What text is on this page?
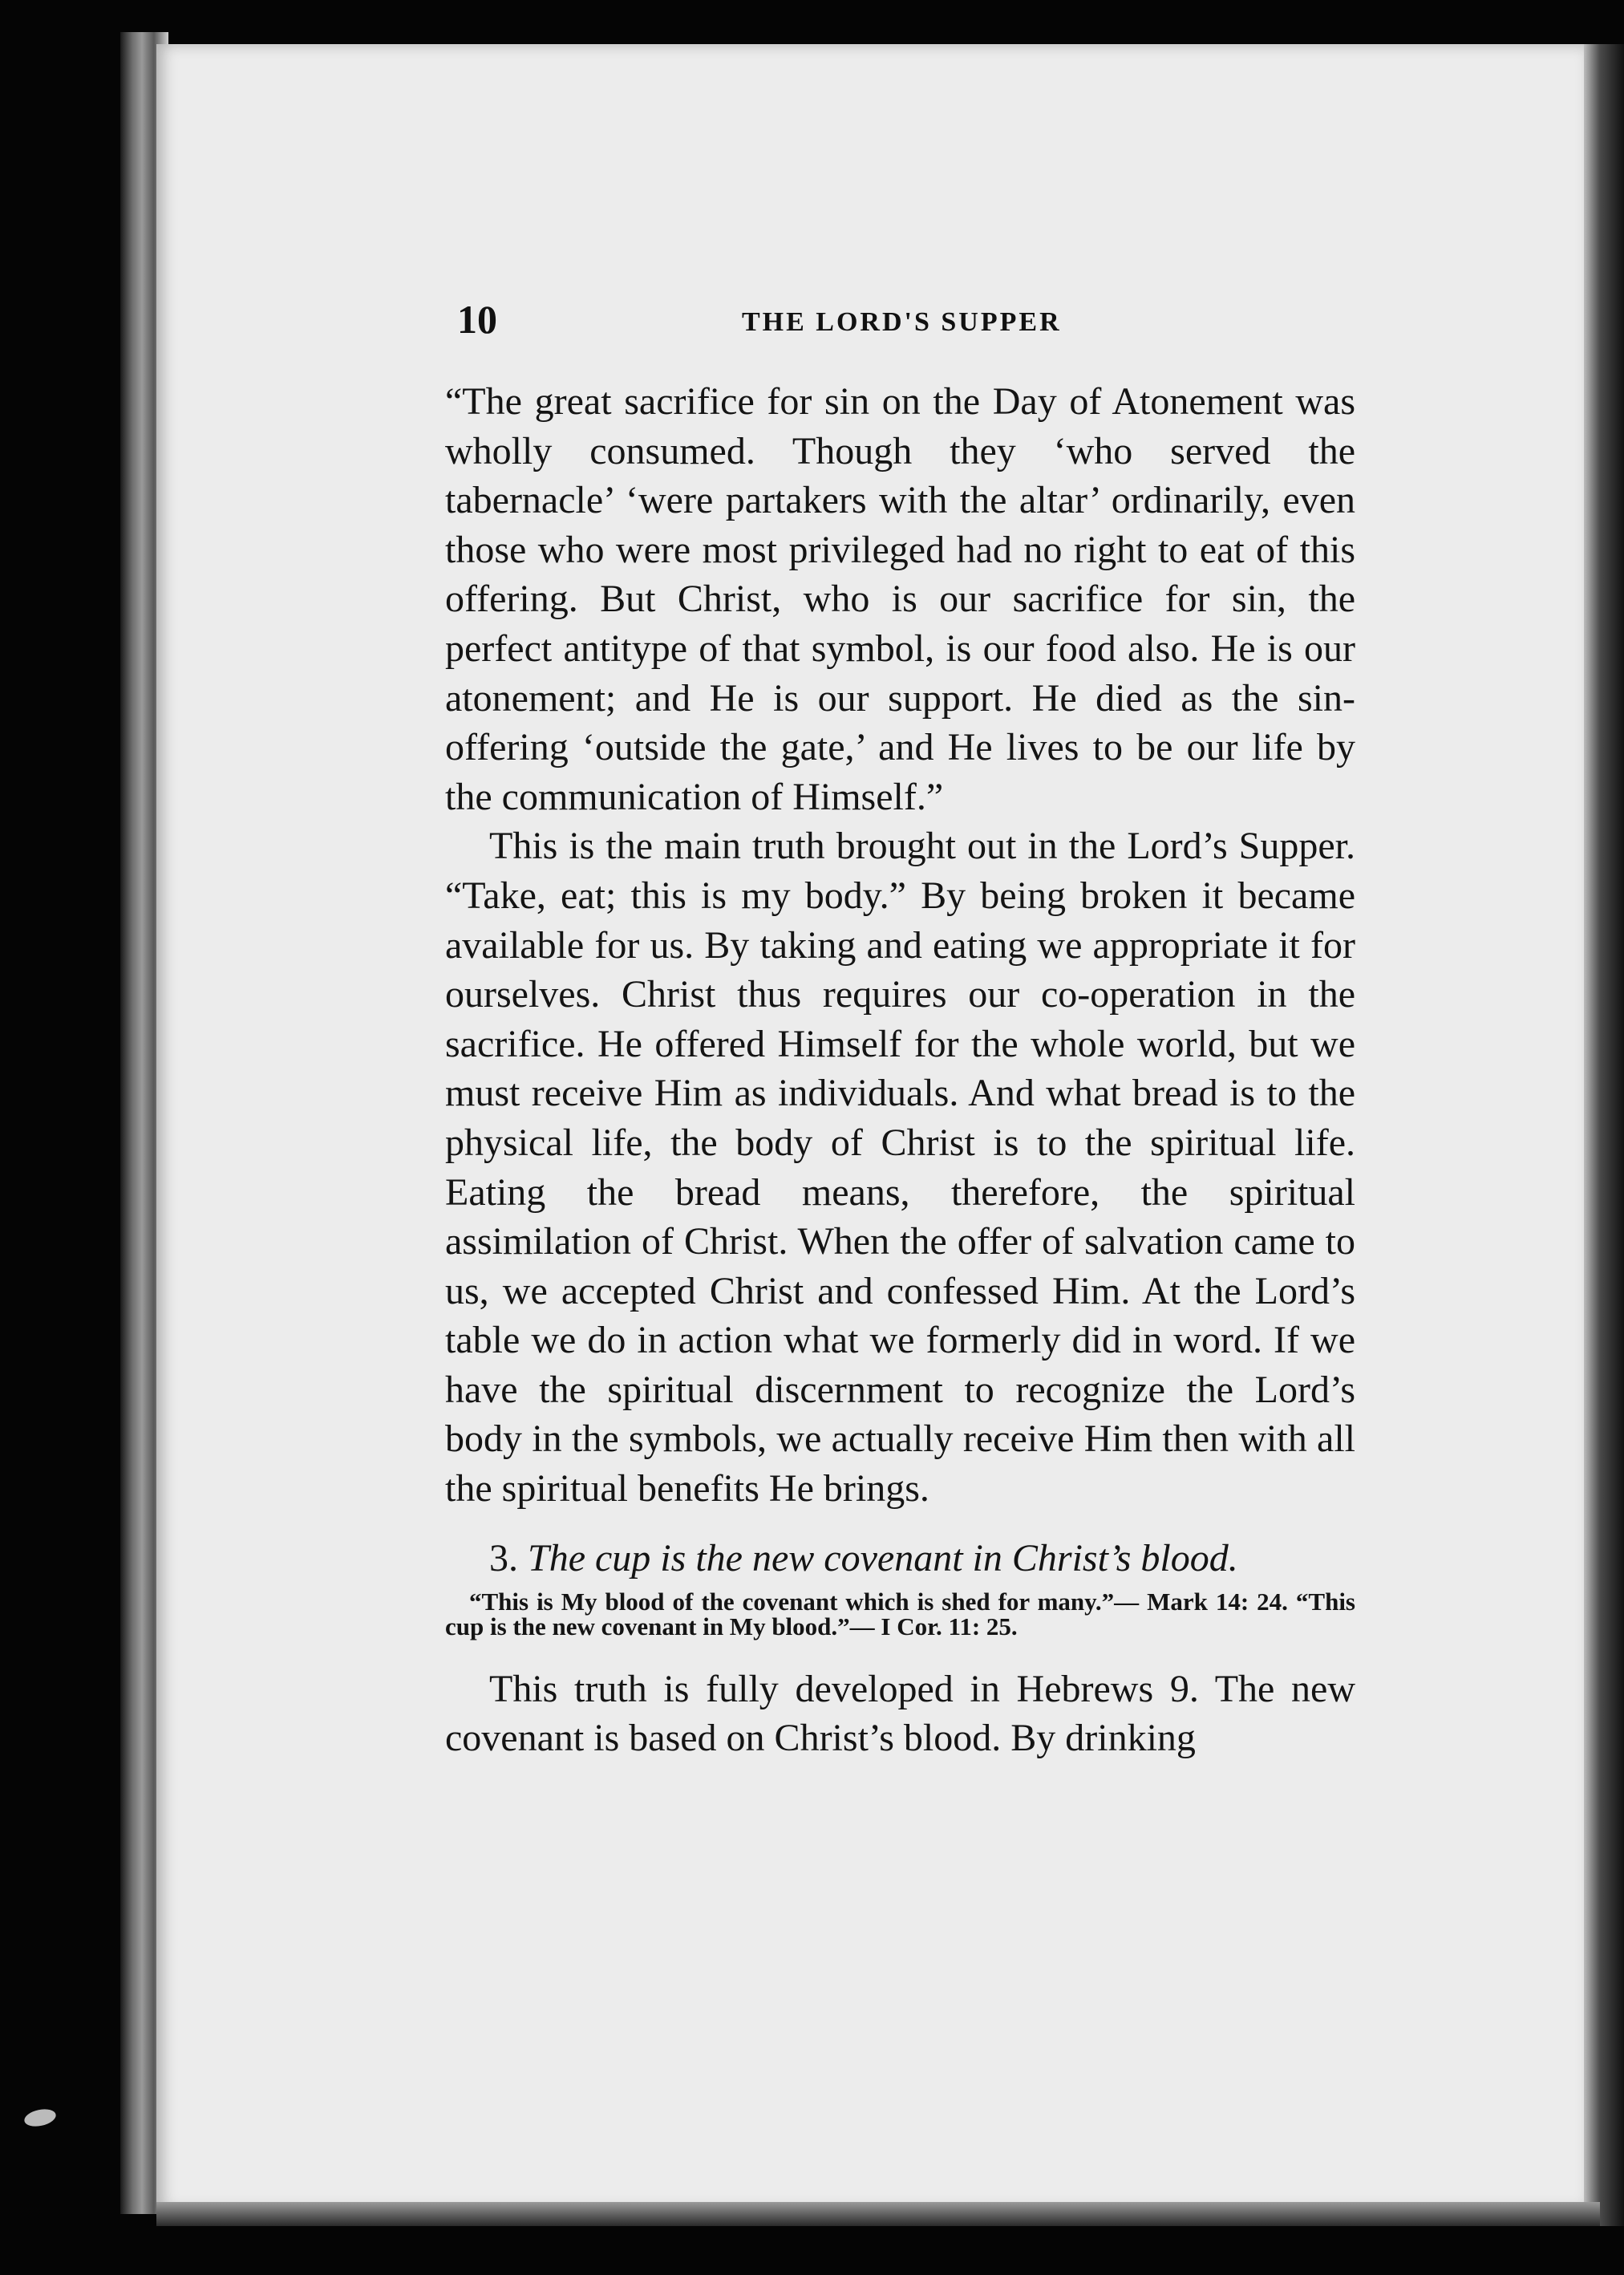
10	THE LORD'S SUPPER

“The great sacrifice for sin on the Day of Atonement was wholly consumed. Though they ‘who served the tabernacle’ ‘were partakers with the altar’ ordinarily, even those who were most privileged had no right to eat of this offering. But Christ, who is our sacrifice for sin, the perfect antitype of that symbol, is our food also. He is our atonement; and He is our support. He died as the sin-offering ‘outside the gate,’ and He lives to be our life by the communication of Himself.”

This is the main truth brought out in the Lord’s Supper. “Take, eat; this is my body.” By being broken it became available for us. By taking and eating we appropriate it for ourselves. Christ thus requires our co-operation in the sacrifice. He offered Himself for the whole world, but we must receive Him as individuals. And what bread is to the physical life, the body of Christ is to the spiritual life. Eating the bread means, therefore, the spiritual assimilation of Christ. When the offer of salvation came to us, we accepted Christ and confessed Him. At the Lord’s table we do in action what we formerly did in word. If we have the spiritual discernment to recognize the Lord’s body in the symbols, we actually receive Him then with all the spiritual benefits He brings.

3. The cup is the new covenant in Christ’s blood.

“This is My blood of the covenant which is shed for many.”— Mark 14: 24. “This cup is the new covenant in My blood.”— I Cor. 11: 25.

This truth is fully developed in Hebrews 9. The new covenant is based on Christ’s blood. By drinking
